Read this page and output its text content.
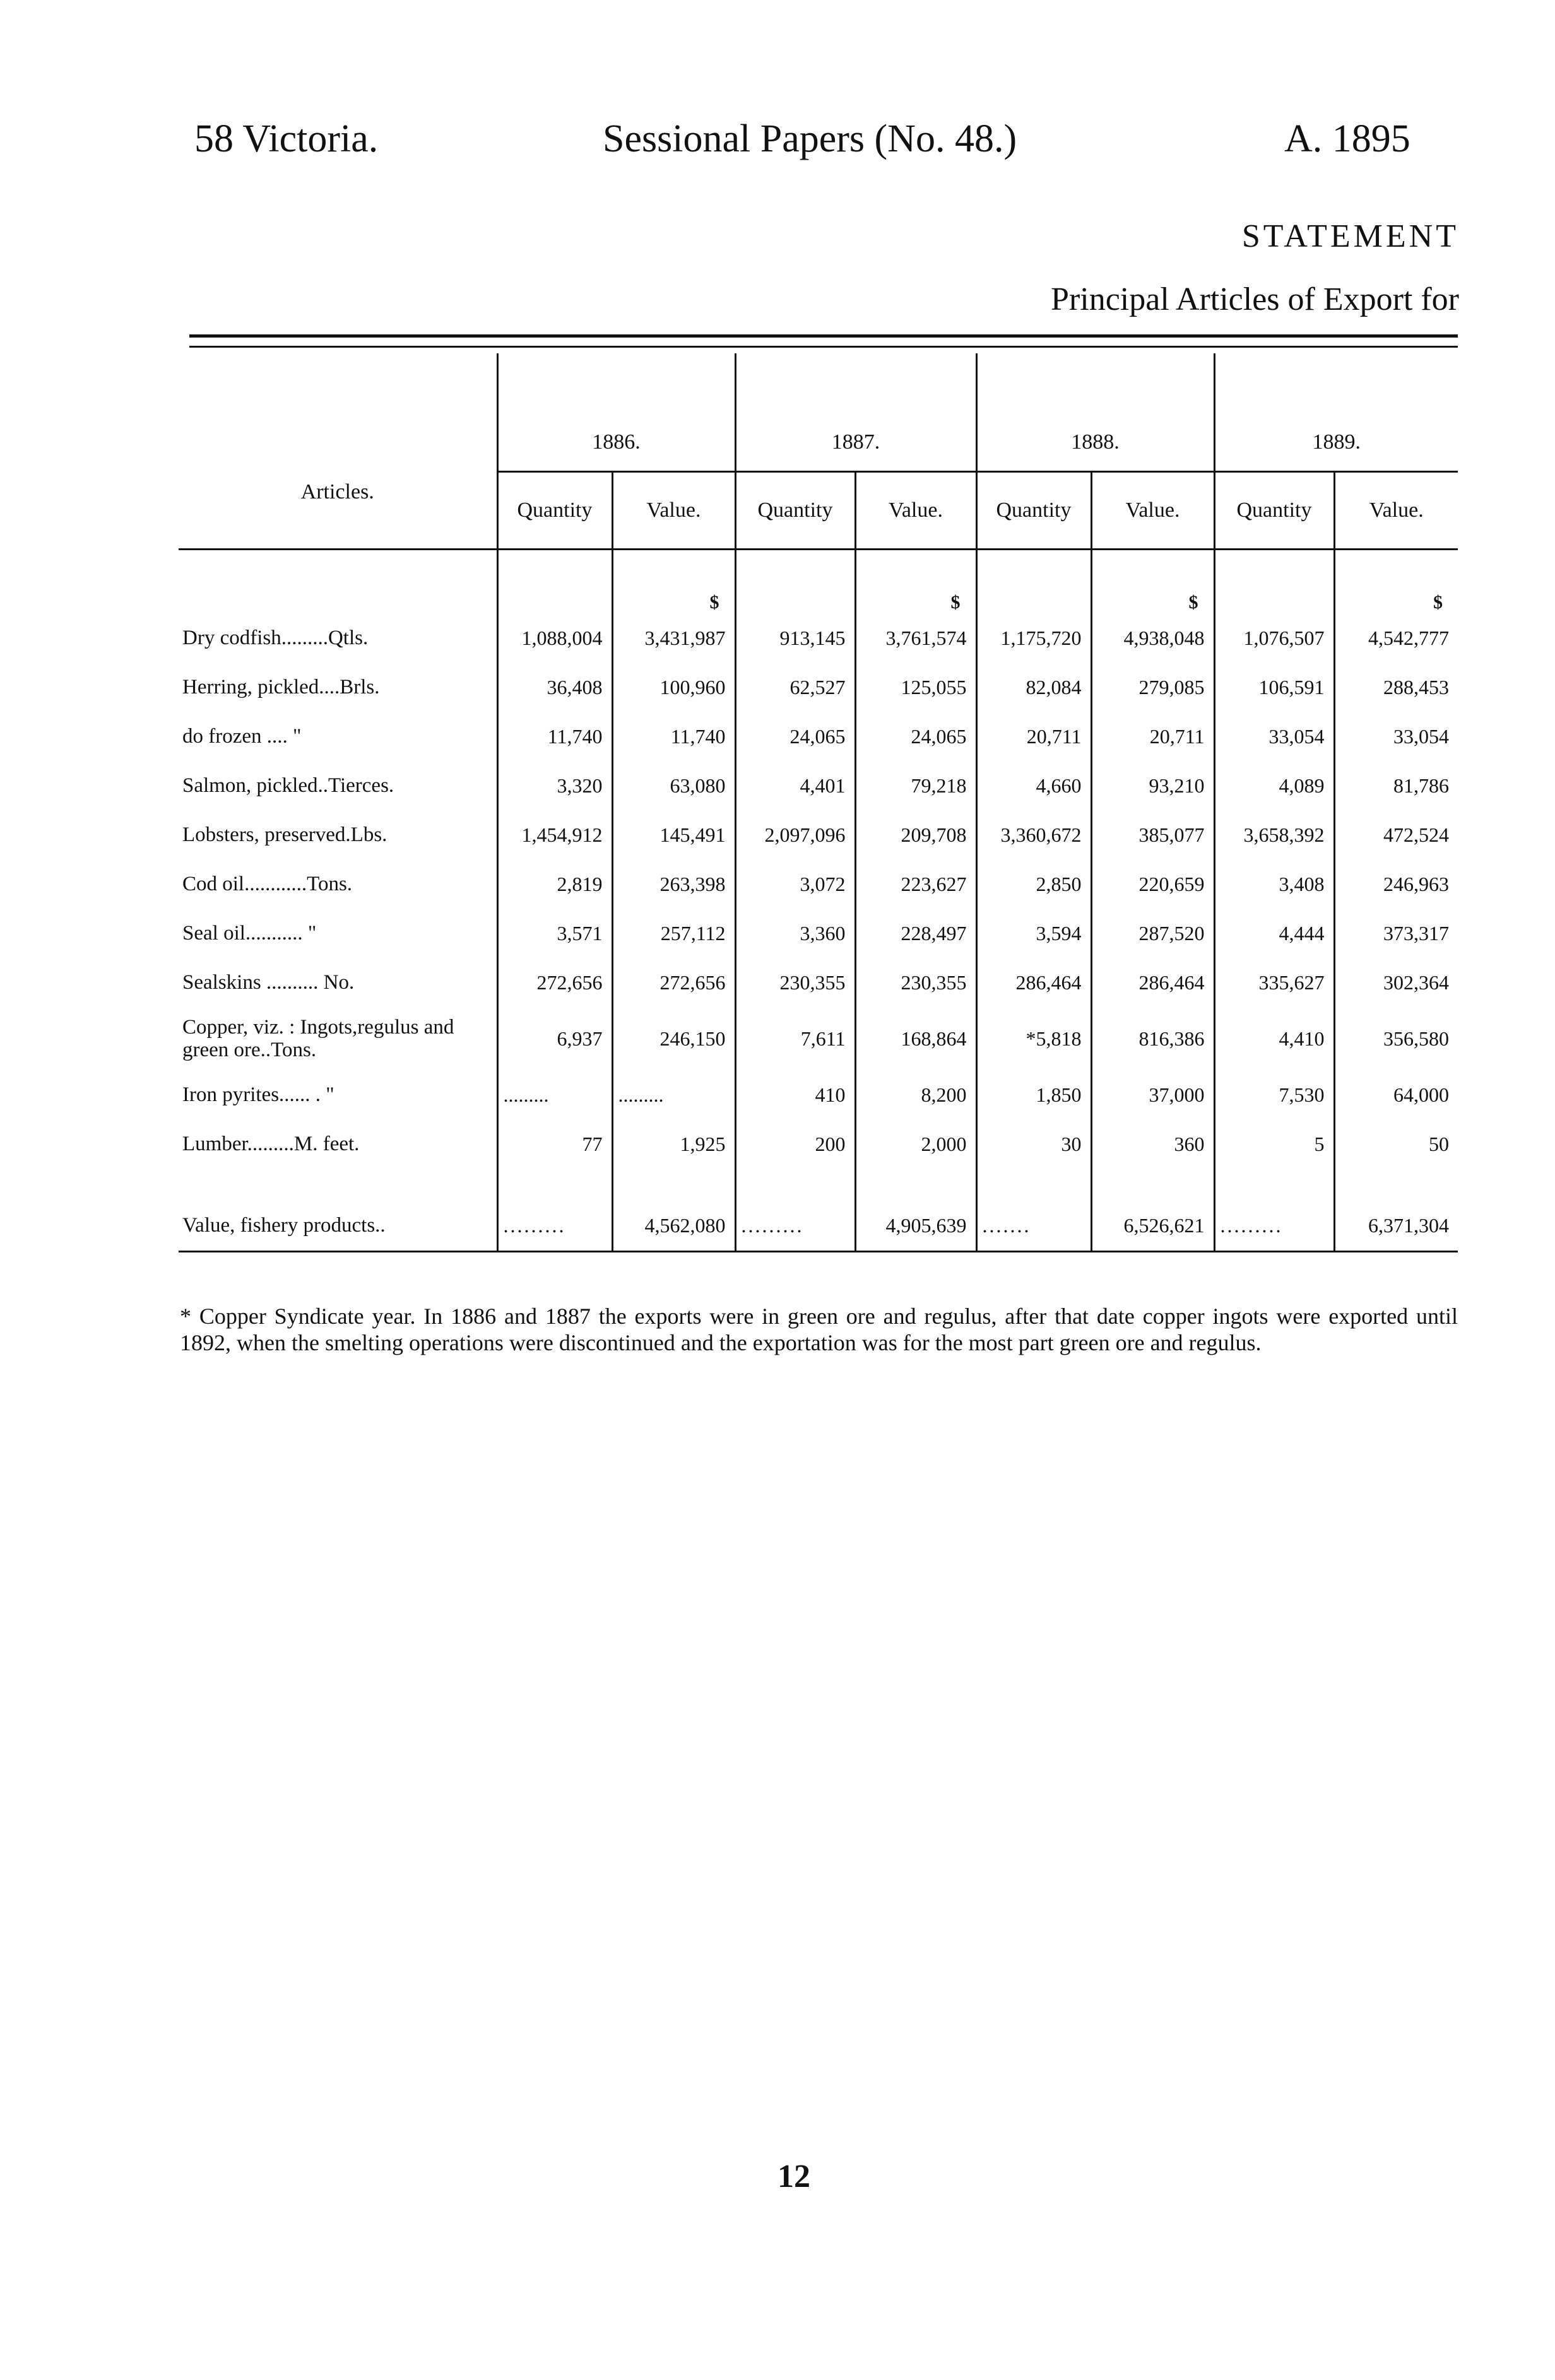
58 Victoria.	Sessional Papers (No. 48.)	A. 1895
STATEMENT
Principal Articles of Export for
Articles.	1886.		1887.		1888.		1889.	
	Quantity	Value.	Quantity	Value.	Quantity	Value.	Quantity	Value.
		$		$		$		$
Dry codfish.........Qtls.	1,088,004	3,431,987	913,145	3,761,574	1,175,720	4,938,048	1,076,507	4,542,777
Herring, pickled....Brls.	36,408	100,960	62,527	125,055	82,084	279,085	106,591	288,453
do frozen .... "	11,740	11,740	24,065	24,065	20,711	20,711	33,054	33,054
Salmon, pickled..Tierces.	3,320	63,080	4,401	79,218	4,660	93,210	4,089	81,786
Lobsters, preserved.Lbs.	1,454,912	145,491	2,097,096	209,708	3,360,672	385,077	3,658,392	472,524
Cod oil............Tons.	2,819	263,398	3,072	223,627	2,850	220,659	3,408	246,963
Seal oil........... "	3,571	257,112	3,360	228,497	3,594	287,520	4,444	373,317
Sealskins .......... No.	272,656	272,656	230,355	230,355	286,464	286,464	335,627	302,364
Copper, viz. : Ingots,regulus and green ore..Tons.	6,937	246,150	7,611	168,864	*5,818	816,386	4,410	356,580
Iron pyrites...... . "	.........	.........	410	8,200	1,850	37,000	7,530	64,000
Lumber.........M. feet.	77	1,925	200	2,000	30	360	5	50

Value, fishery products..	.........	4,562,080	.........	4,905,639	.......	6,526,621	.........	6,371,304

* Copper Syndicate year. In 1886 and 1887 the exports were in green ore and regulus, after that date copper ingots were exported until 1892, when the smelting operations were discontinued and the exportation was for the most part green ore and regulus.
12
